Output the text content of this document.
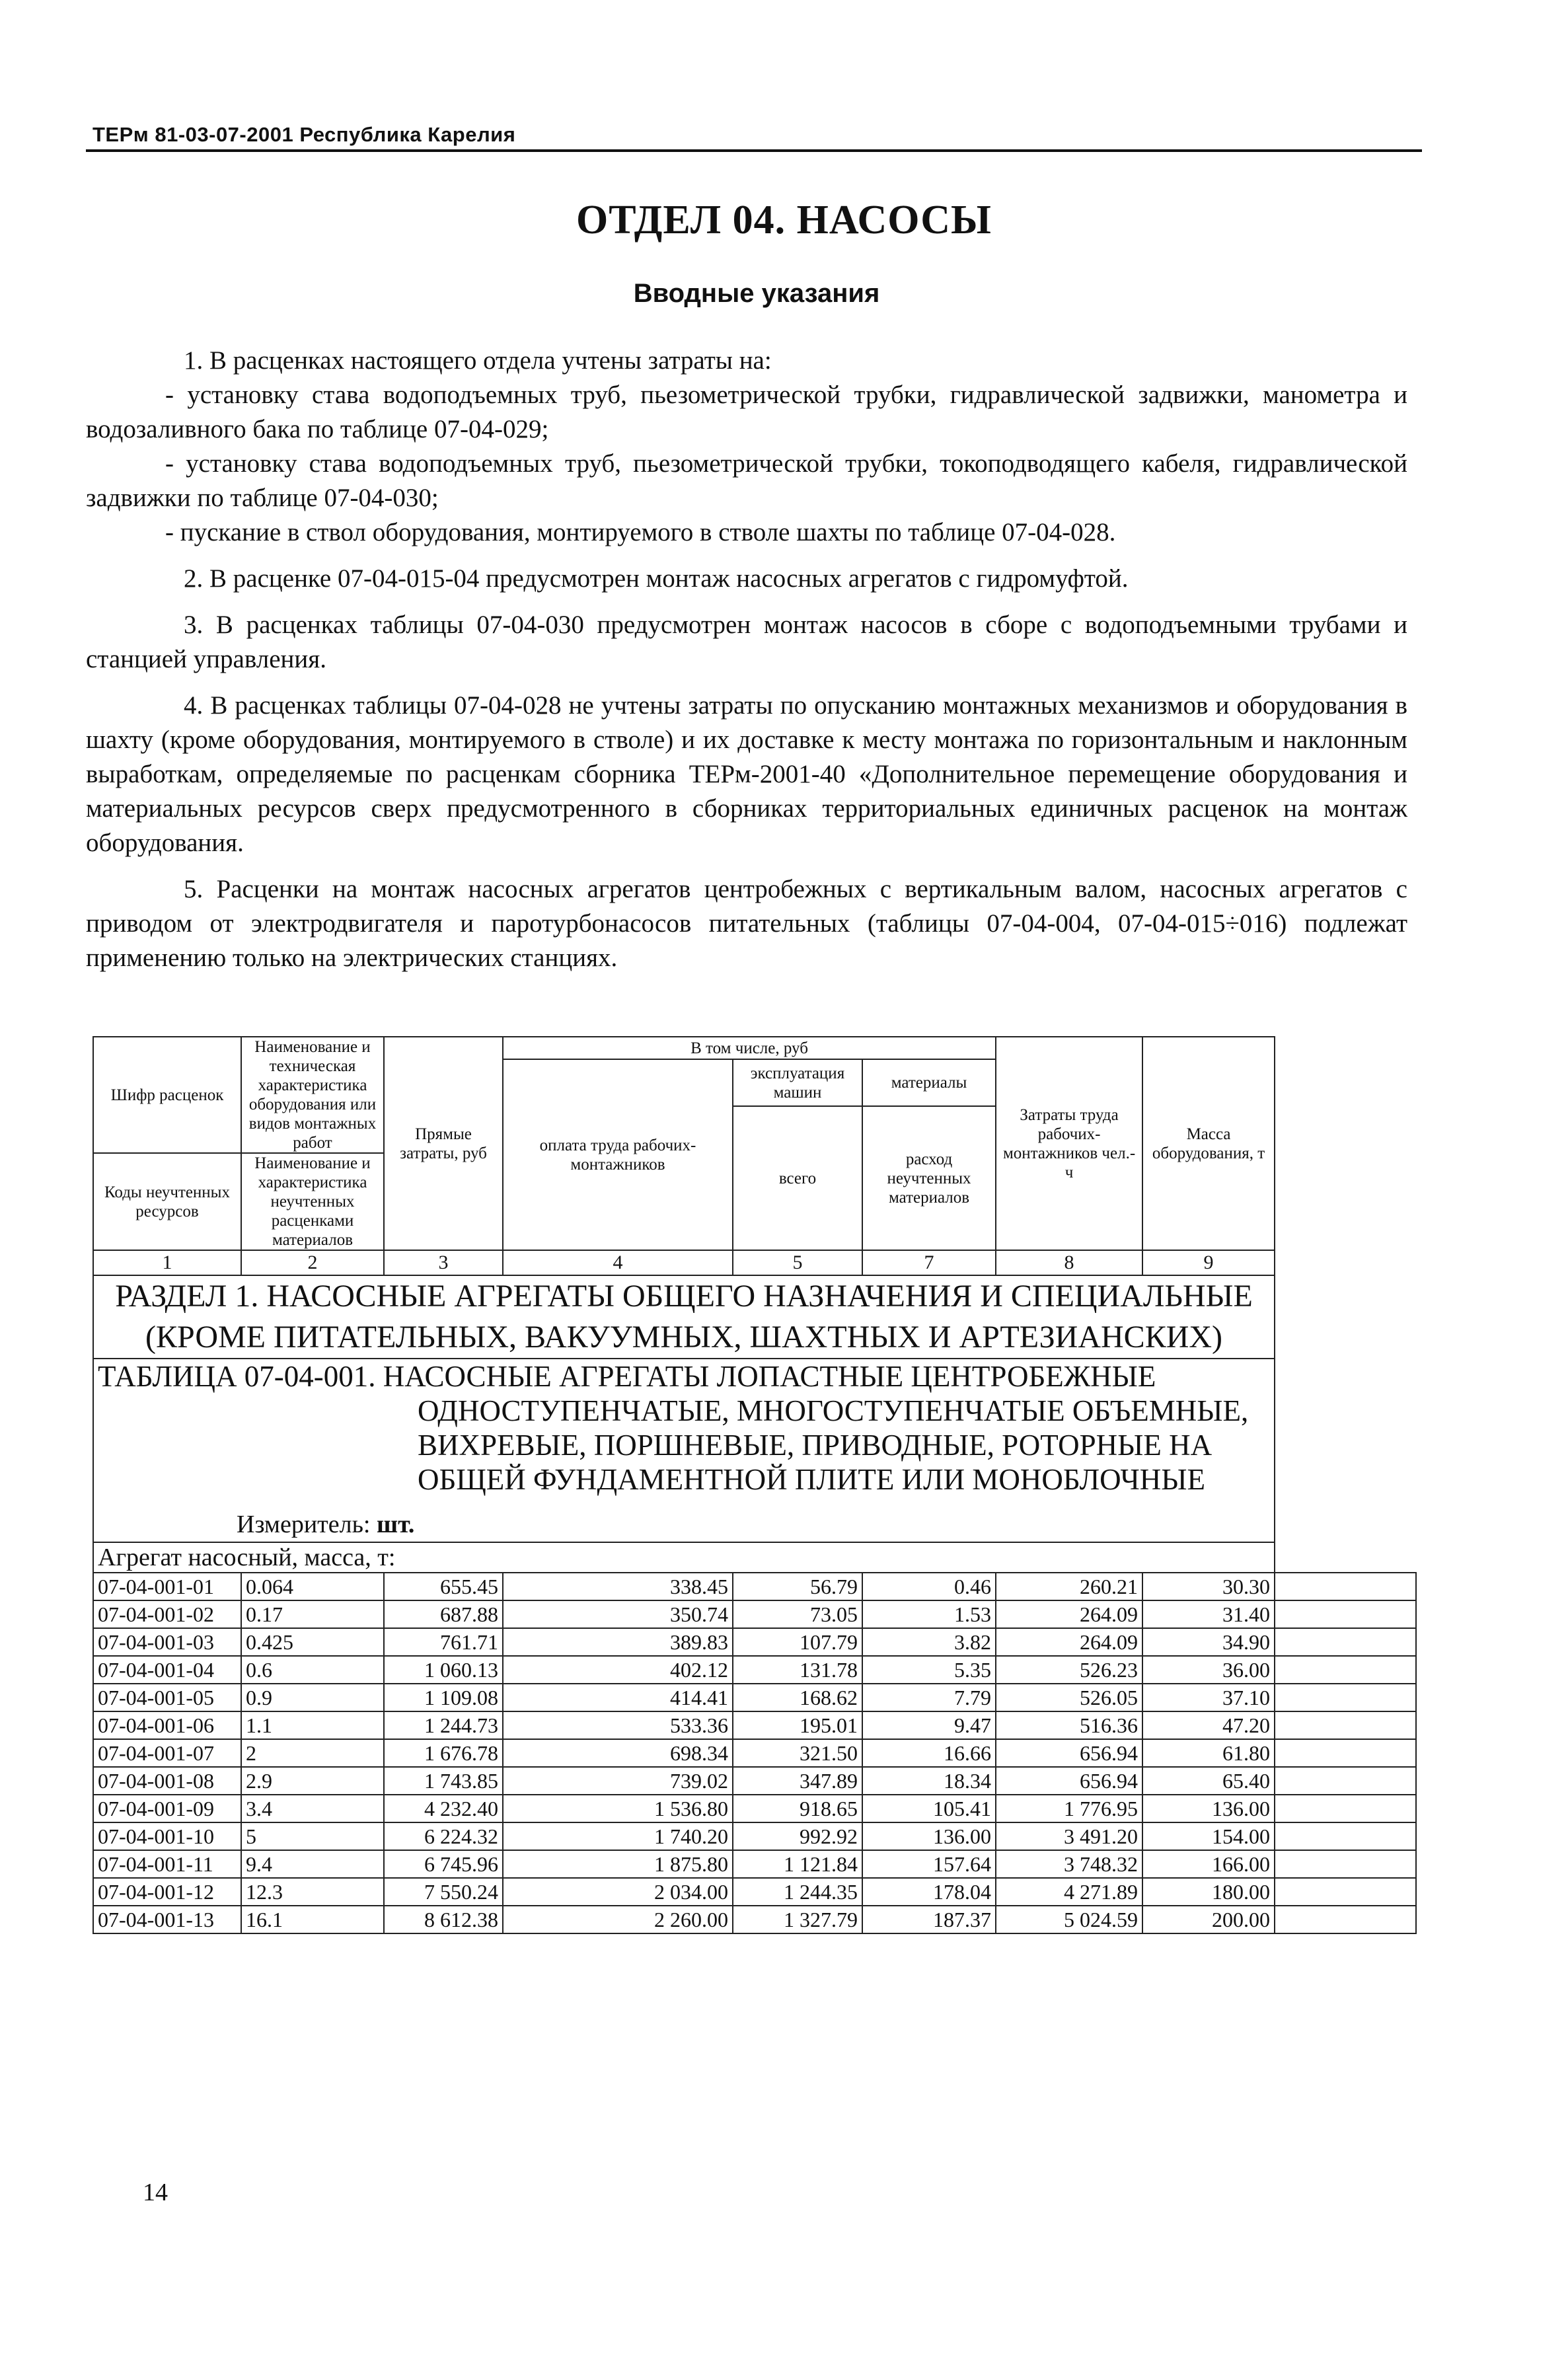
ТЕРм 81-03-07-2001 Республика Карелия
ОТДЕЛ 04. НАСОСЫ
Вводные указания

1. В расценках настоящего отдела учтены затраты на:

- установку става водоподъемных труб, пьезометрической трубки, гидравлической задвижки, манометра и водозаливного бака по таблице 07-04-029;

- установку става водоподъемных труб, пьезометрической трубки, токоподводящего кабеля, гидравлической задвижки по таблице 07-04-030;

- пускание в ствол оборудования, монтируемого в стволе шахты по таблице 07-04-028.

2. В расценке 07-04-015-04 предусмотрен монтаж насосных агрегатов с гидромуфтой.

3. В расценках таблицы 07-04-030 предусмотрен монтаж насосов в сборе с водоподъемными трубами и станцией управления.

4. В расценках таблицы 07-04-028 не учтены затраты по опусканию монтажных механизмов и оборудования в шахту (кроме оборудования, монтируемого в стволе) и их доставке к месту монтажа по горизонтальным и наклонным выработкам, определяемые по расценкам сборника ТЕРм-2001-40 «Дополнительное перемещение оборудования и материальных ресурсов сверх предусмотренного в сборниках территориальных единичных расценок на монтаж оборудования.

5. Расценки на монтаж насосных агрегатов центробежных с вертикальным валом, насосных агрегатов с приводом от электродвигателя и паротурбонасосов питательных (таблицы 07-04-004, 07-04-015÷016) подлежат применению только на электрических станциях.

Шифр расценок	Наименование и техническая характеристика оборудования или видов монтажных работ	Прямые затраты, руб	В том числе, руб			Затраты труда рабочих-монтажников чел.-ч	Масса оборудования, т	
			оплата труда рабочих-монтажников	эксплуатация машин	материалы			
				всего	расход неучтенных материалов			
Коды неучтенных ресурсов	Наименование и характеристика неучтенных расценками материалов							

1	2	3	4	5	7	8	9	
РАЗДЕЛ 1. НАСОСНЫЕ АГРЕГАТЫ ОБЩЕГО НАЗНАЧЕНИЯ И СПЕЦИАЛЬНЫЕ (КРОМЕ ПИТАТЕЛЬНЫХ, ВАКУУМНЫХ, ШАХТНЫХ И АРТЕЗИАНСКИХ)								

ТАБЛИЦА 07-04-001. НАСОСНЫЕ АГРЕГАТЫ ЛОПАСТНЫЕ ЦЕНТРОБЕЖНЫЕ ОДНОСТУПЕНЧАТЫЕ, МНОГОСТУПЕНЧАТЫЕ ОБЪЕМНЫЕ, ВИХРЕВЫЕ, ПОРШНЕВЫЕ, ПРИВОДНЫЕ, РОТОРНЫЕ НА ОБЩЕЙ ФУНДАМЕНТНОЙ ПЛИТЕ ИЛИ МОНОБЛОЧНЫЕ
Измеритель: шт.								

Агрегат насосный, масса, т:								
07-04-001-01	0.064	655.45	338.45	56.79	0.46	260.21	30.30	
07-04-001-02	0.17	687.88	350.74	73.05	1.53	264.09	31.40	
07-04-001-03	0.425	761.71	389.83	107.79	3.82	264.09	34.90	
07-04-001-04	0.6	1 060.13	402.12	131.78	5.35	526.23	36.00	
07-04-001-05	0.9	1 109.08	414.41	168.62	7.79	526.05	37.10	
07-04-001-06	1.1	1 244.73	533.36	195.01	9.47	516.36	47.20	
07-04-001-07	2	1 676.78	698.34	321.50	16.66	656.94	61.80	
07-04-001-08	2.9	1 743.85	739.02	347.89	18.34	656.94	65.40	
07-04-001-09	3.4	4 232.40	1 536.80	918.65	105.41	1 776.95	136.00	
07-04-001-10	5	6 224.32	1 740.20	992.92	136.00	3 491.20	154.00	
07-04-001-11	9.4	6 745.96	1 875.80	1 121.84	157.64	3 748.32	166.00	
07-04-001-12	12.3	7 550.24	2 034.00	1 244.35	178.04	4 271.89	180.00	
07-04-001-13	16.1	8 612.38	2 260.00	1 327.79	187.37	5 024.59	200.00	
14
